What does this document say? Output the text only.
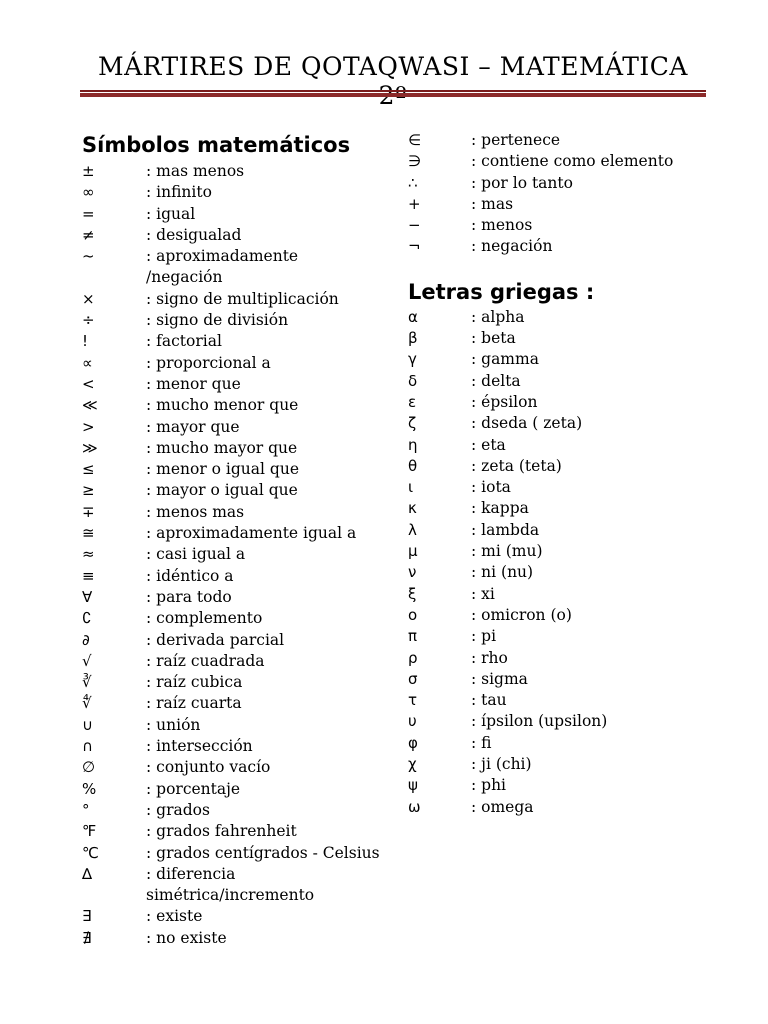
MÁRTIRES DE QOTAQWASI – MATEMÁTICA
Símbolos matemáticos
±	: mas menos
∞	: infinito
=	: igual
≠	: desigualad
~	: aproximadamente
/negación
×	: signo de multiplicación
÷	: signo de división
!	: factorial
∝	: proporcional a
<	: menor que
≪	: mucho menor que
>	: mayor que
≫	: mucho mayor que
≤	: menor o igual que
≥	: mayor o igual que
∓	: menos mas
≅	: aproximadamente igual a
≈	: casi igual a
≡	: idéntico a
∀	: para todo
∁	: complemento
∂	: derivada parcial
√	: raíz cuadrada
∛	: raíz cubica
∜	: raíz cuarta
∪	: unión
∩	: intersección
∅	: conjunto vacío
%	: porcentaje
°	: grados
℉	: grados fahrenheit
℃	: grados centígrados - Celsius
∆	: diferencia
simétrica/incremento
∃	: existe
∄	: no existe
∈	: pertenece
∋	: contiene como elemento
∴	: por lo tanto
+	: mas
−	: menos
¬	: negación
Letras griegas :
α	: alpha
β	: beta
γ	: gamma
δ	: delta
ε	: épsilon
ζ	: dseda ( zeta)
η	: eta
θ	: zeta (teta)
ι	: iota
κ	: kappa
λ	: lambda
μ	: mi (mu)
ν	: ni (nu)
ξ	: xi
ο	: omicron (o)
π	: pi
ρ	: rho
σ	: sigma
τ	: tau
υ	: ípsilon (upsilon)
φ	: fi
χ	: ji (chi)
ψ	: phi
ω	: omega
